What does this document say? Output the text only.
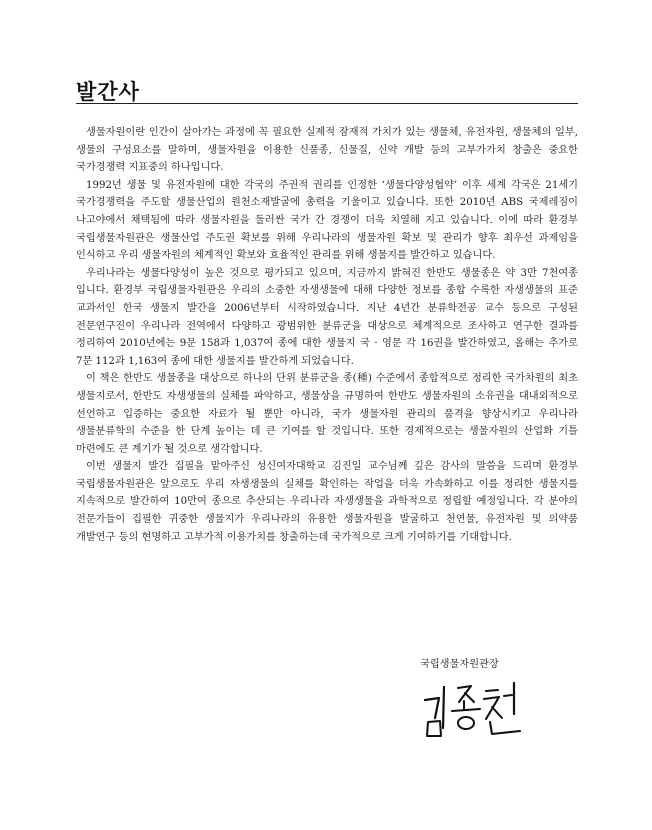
발간사

생물자원이란 인간이 살아가는 과정에 꼭 필요한 실제적 잠재적 가치가 있는 생물체, 유전자원, 생물체의 일부, 생물의 구성요소를 말하며, 생물자원을 이용한 신품종, 신물질, 신약 개발 등의 고부가가치 창출은 중요한 국가경쟁력 지표중의 하나입니다.

1992년 생물 및 유전자원에 대한 각국의 주권적 권리를 인정한 ‘생물다양성협약’ 이후 세계 각국은 21세기 국가경쟁력을 주도할 생물산업의 원천소재발굴에 총력을 기울이고 있습니다. 또한 2010년 ABS 국제레짐이 나고야에서 채택됨에 따라 생물자원을 둘러싼 국가 간 경쟁이 더욱 치열해 지고 있습니다. 이에 따라 환경부 국립생물자원관은 생물산업 주도권 확보를 위해 우리나라의 생물자원 확보 및 관리가 향후 최우선 과제임을 인식하고 우리 생물자원의 체계적인 확보와 효율적인 관리를 위해 생물지를 발간하고 있습니다.

우리나라는 생물다양성이 높은 것으로 평가되고 있으며, 지금까지 밝혀진 한반도 생물종은 약 3만 7천여종 입니다. 환경부 국립생물자원관은 우리의 소중한 자생생물에 대해 다양한 정보를 종합 수록한 자생생물의 표준 교과서인 한국 생물지 발간을 2006년부터 시작하였습니다. 지난 4년간 분류학전공 교수 등으로 구성된 전문연구진이 우리나라 전역에서 다양하고 광범위한 분류군을 대상으로 체계적으로 조사하고 연구한 결과를 정리하여 2010년에는 9문 158과 1,037여 종에 대한 생물지 국 · 영문 각 16권을 발간하였고, 올해는 추가로 7문 112과 1,163여 종에 대한 생물지를 발간하게 되었습니다.

이 책은 한반도 생물종을 대상으로 하나의 단위 분류군을 종(種) 수준에서 종합적으로 정리한 국가차원의 최초 생물지로서, 한반도 자생생물의 실체를 파악하고, 생물상을 규명하여 한반도 생물자원의 소유권을 대내외적으로 선언하고 입증하는 중요한 자료가 될 뿐만 아니라, 국가 생물자원 관리의 품격을 향상시키고 우리나라 생물분류학의 수준을 한 단계 높이는 데 큰 기여를 할 것입니다. 또한 경제적으로는 생물자원의 산업화 기틀 마련에도 큰 계기가 될 것으로 생각합니다.

이번 생물지 발간 집필을 맡아주신 성신여자대학교 김진일 교수님께 깊은 감사의 말씀을 드리며 환경부 국립생물자원관은 앞으로도 우리 자생생물의 실체를 확인하는 작업을 더욱 가속화하고 이를 정리한 생물지를 지속적으로 발간하여 10만여 종으로 추산되는 우리나라 자생생물을 과학적으로 정립할 예정입니다. 각 분야의 전문가들이 집필한 귀중한 생물지가 우리나라의 유용한 생물자원을 발굴하고 천연물, 유전자원 및 의약품 개발연구 등의 현명하고 고부가적 이용가치를 창출하는데 국가적으로 크게 기여하기를 기대합니다.

국립생물자원관장
